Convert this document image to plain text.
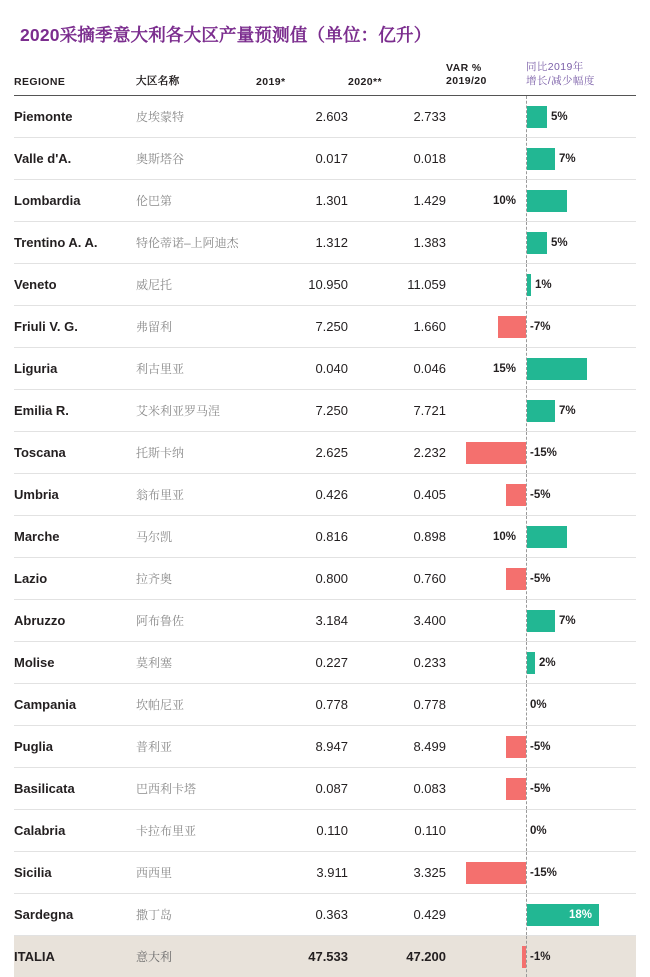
2020采摘季意大利各大区产量预测值（单位：亿升）
REGIONE	大区名称	2019*	2020**	VAR %
2019/20	同比2019年
增长/减少幅度

Piemonte	皮埃蒙特	2.603	2.733		5%

Valle d'A.	奥斯塔谷	0.017	0.018		7%

Lombardia	伦巴第	1.301	1.429	10%	

Trentino A. A.	特伦蒂诺–上阿迪杰	1.312	1.383		5%

Veneto	威尼托	10.950	11.059		1%

Friuli V. G.	弗留利	7.250	1.660		-7%

Liguria	利古里亚	0.040	0.046	15%	

Emilia R.	艾米利亚罗马涅	7.250	7.721		7%

Toscana	托斯卡纳	2.625	2.232		-15%

Umbria	翁布里亚	0.426	0.405		-5%

Marche	马尔凯	0.816	0.898	10%	

Lazio	拉齐奥	0.800	0.760		-5%

Abruzzo	阿布鲁佐	3.184	3.400		7%

Molise	莫利塞	0.227	0.233		2%

Campania	坎帕尼亚	0.778	0.778		0%

Puglia	普利亚	8.947	8.499		-5%

Basilicata	巴西利卡塔	0.087	0.083		-5%

Calabria	卡拉布里亚	0.110	0.110		0%

Sicilia	西西里	3.911	3.325		-15%

Sardegna	撒丁岛	0.363	0.429		18%

ITALIA	意大利	47.533	47.200		-1%
